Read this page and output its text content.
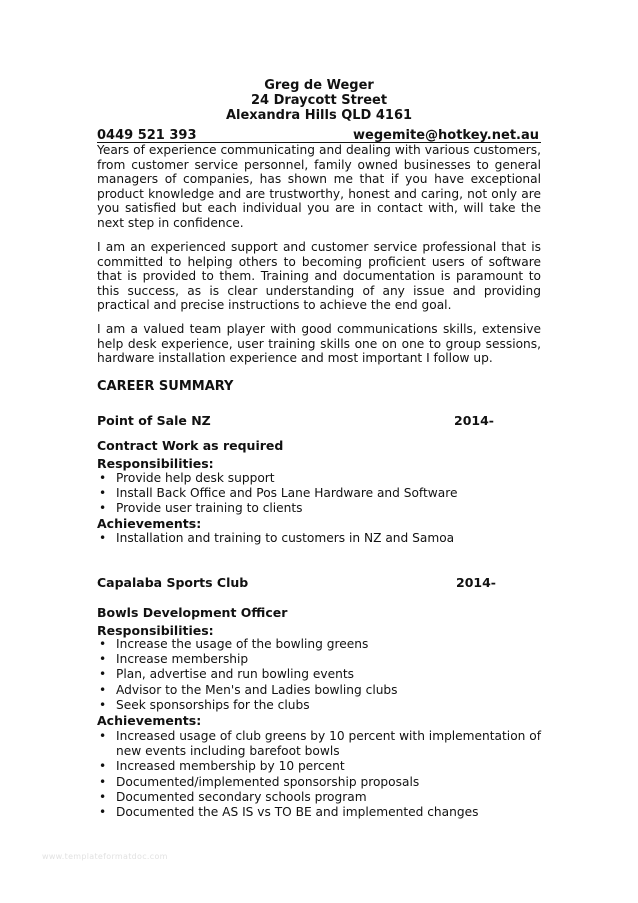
Greg de Weger
24 Draycott Street
Alexandra Hills QLD 4161
0449 521 393	wegemite@hotkey.net.au

Years of experience communicating and dealing with various customers, from customer service personnel, family owned businesses to general managers of companies, has shown me that if you have exceptional product knowledge and are trustworthy, honest and caring, not only are you satisfied but each individual you are in contact with, will take the next step in confidence.

I am an experienced support and customer service professional that is committed to helping others to becoming proficient users of software that is provided to them. Training and documentation is paramount to this success, as is clear understanding of any issue and providing practical and precise instructions to achieve the end goal.

I am a valued team player with good communications skills, extensive help desk experience, user training skills one on one to group sessions, hardware installation experience and most important I follow up.

CAREER SUMMARY
Point of Sale NZ	2014-
Contract Work as required
Responsibilities:
• Provide help desk support
• Install Back Office and Pos Lane Hardware and Software
• Provide user training to clients
Achievements:
• Installation and training to customers in NZ and Samoa
Capalaba Sports Club	2014-
Bowls Development Officer
Responsibilities:
• Increase the usage of the bowling greens
• Increase membership
• Plan, advertise and run bowling events
• Advisor to the Men's and Ladies bowling clubs
• Seek sponsorships for the clubs
Achievements:
• Increased usage of club greens by 10 percent with implementation of new events including barefoot bowls
• Increased membership by 10 percent
• Documented/implemented sponsorship proposals
• Documented secondary schools program
• Documented the AS IS vs TO BE and implemented changes
www.templateformatdoc.com
